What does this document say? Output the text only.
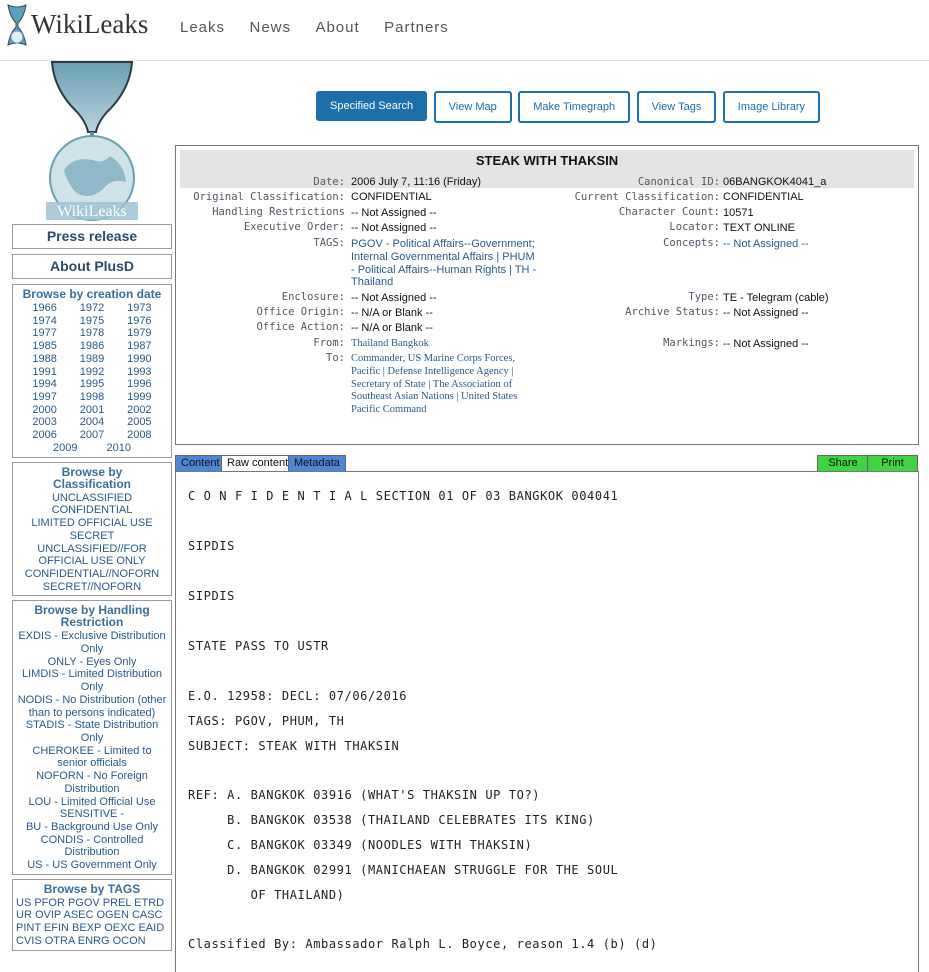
WikiLeaks Leaks News About Partners
WikiLeaks
Press release
About PlusD
Browse by creation date
1966	1972	1973
1974	1975	1976
1977	1978	1979
1985	1986	1987
1988	1989	1990
1991	1992	1993
1994	1995	1996
1997	1998	1999
2000	2001	2002
2003	2004	2005
2006	2007	2008
2009	2010
Browse by Classification
UNCLASSIFIED
CONFIDENTIAL
LIMITED OFFICIAL USE
SECRET
UNCLASSIFIED//FOR OFFICIAL USE ONLY
CONFIDENTIAL//NOFORN
SECRET//NOFORN
Browse by Handling Restriction
EXDIS - Exclusive Distribution Only
ONLY - Eyes Only
LIMDIS - Limited Distribution Only
NODIS - No Distribution (other than to persons indicated)
STADIS - State Distribution Only
CHEROKEE - Limited to senior officials
NOFORN - No Foreign Distribution
LOU - Limited Official Use
SENSITIVE -
BU - Background Use Only
CONDIS - Controlled Distribution
US - US Government Only
Browse by TAGS
US PFOR PGOV PREL ETRD UR OVIP ASEC OGEN CASC PINT EFIN BEXP OEXC EAID CVIS OTRA ENRG OCON
Specified Search	View Map	Make Timegraph	View Tags	Image Library
STEAK WITH THAKSIN
Date: 2006 July 7, 11:16 (Friday)
Original Classification: CONFIDENTIAL
Handling Restrictions -- Not Assigned --
Executive Order: -- Not Assigned --
TAGS: PGOV - Political Affairs--Government; Internal Governmental Affairs | PHUM - Political Affairs--Human Rights | TH - Thailand
Enclosure: -- Not Assigned --
Office Origin: -- N/A or Blank --
Office Action: -- N/A or Blank --
From: Thailand Bangkok
To: Commander, US Marine Corps Forces, Pacific | Defense Intelligence Agency | Secretary of State | The Association of Southeast Asian Nations | United States Pacific Command
Canonical ID: 06BANGKOK4041_a
Current Classification: CONFIDENTIAL
Character Count: 10571
Locator: TEXT ONLINE
Concepts: -- Not Assigned --
Type: TE - Telegram (cable)
Archive Status: -- Not Assigned --
Markings: -- Not Assigned --
Content Raw content Metadata	Share	Print
C O N F I D E N T I A L SECTION 01 OF 03 BANGKOK 004041
SIPDIS
SIPDIS
STATE PASS TO USTR
E.O. 12958: DECL: 07/06/2016
TAGS: PGOV, PHUM, TH
SUBJECT: STEAK WITH THAKSIN
REF: A. BANGKOK 03916 (WHAT'S THAKSIN UP TO?)
B. BANGKOK 03538 (THAILAND CELEBRATES ITS KING)
C. BANGKOK 03349 (NOODLES WITH THAKSIN)
D. BANGKOK 02991 (MANICHAEAN STRUGGLE FOR THE SOUL
OF THAILAND)
Classified By: Ambassador Ralph L. Boyce, reason 1.4 (b) (d)
